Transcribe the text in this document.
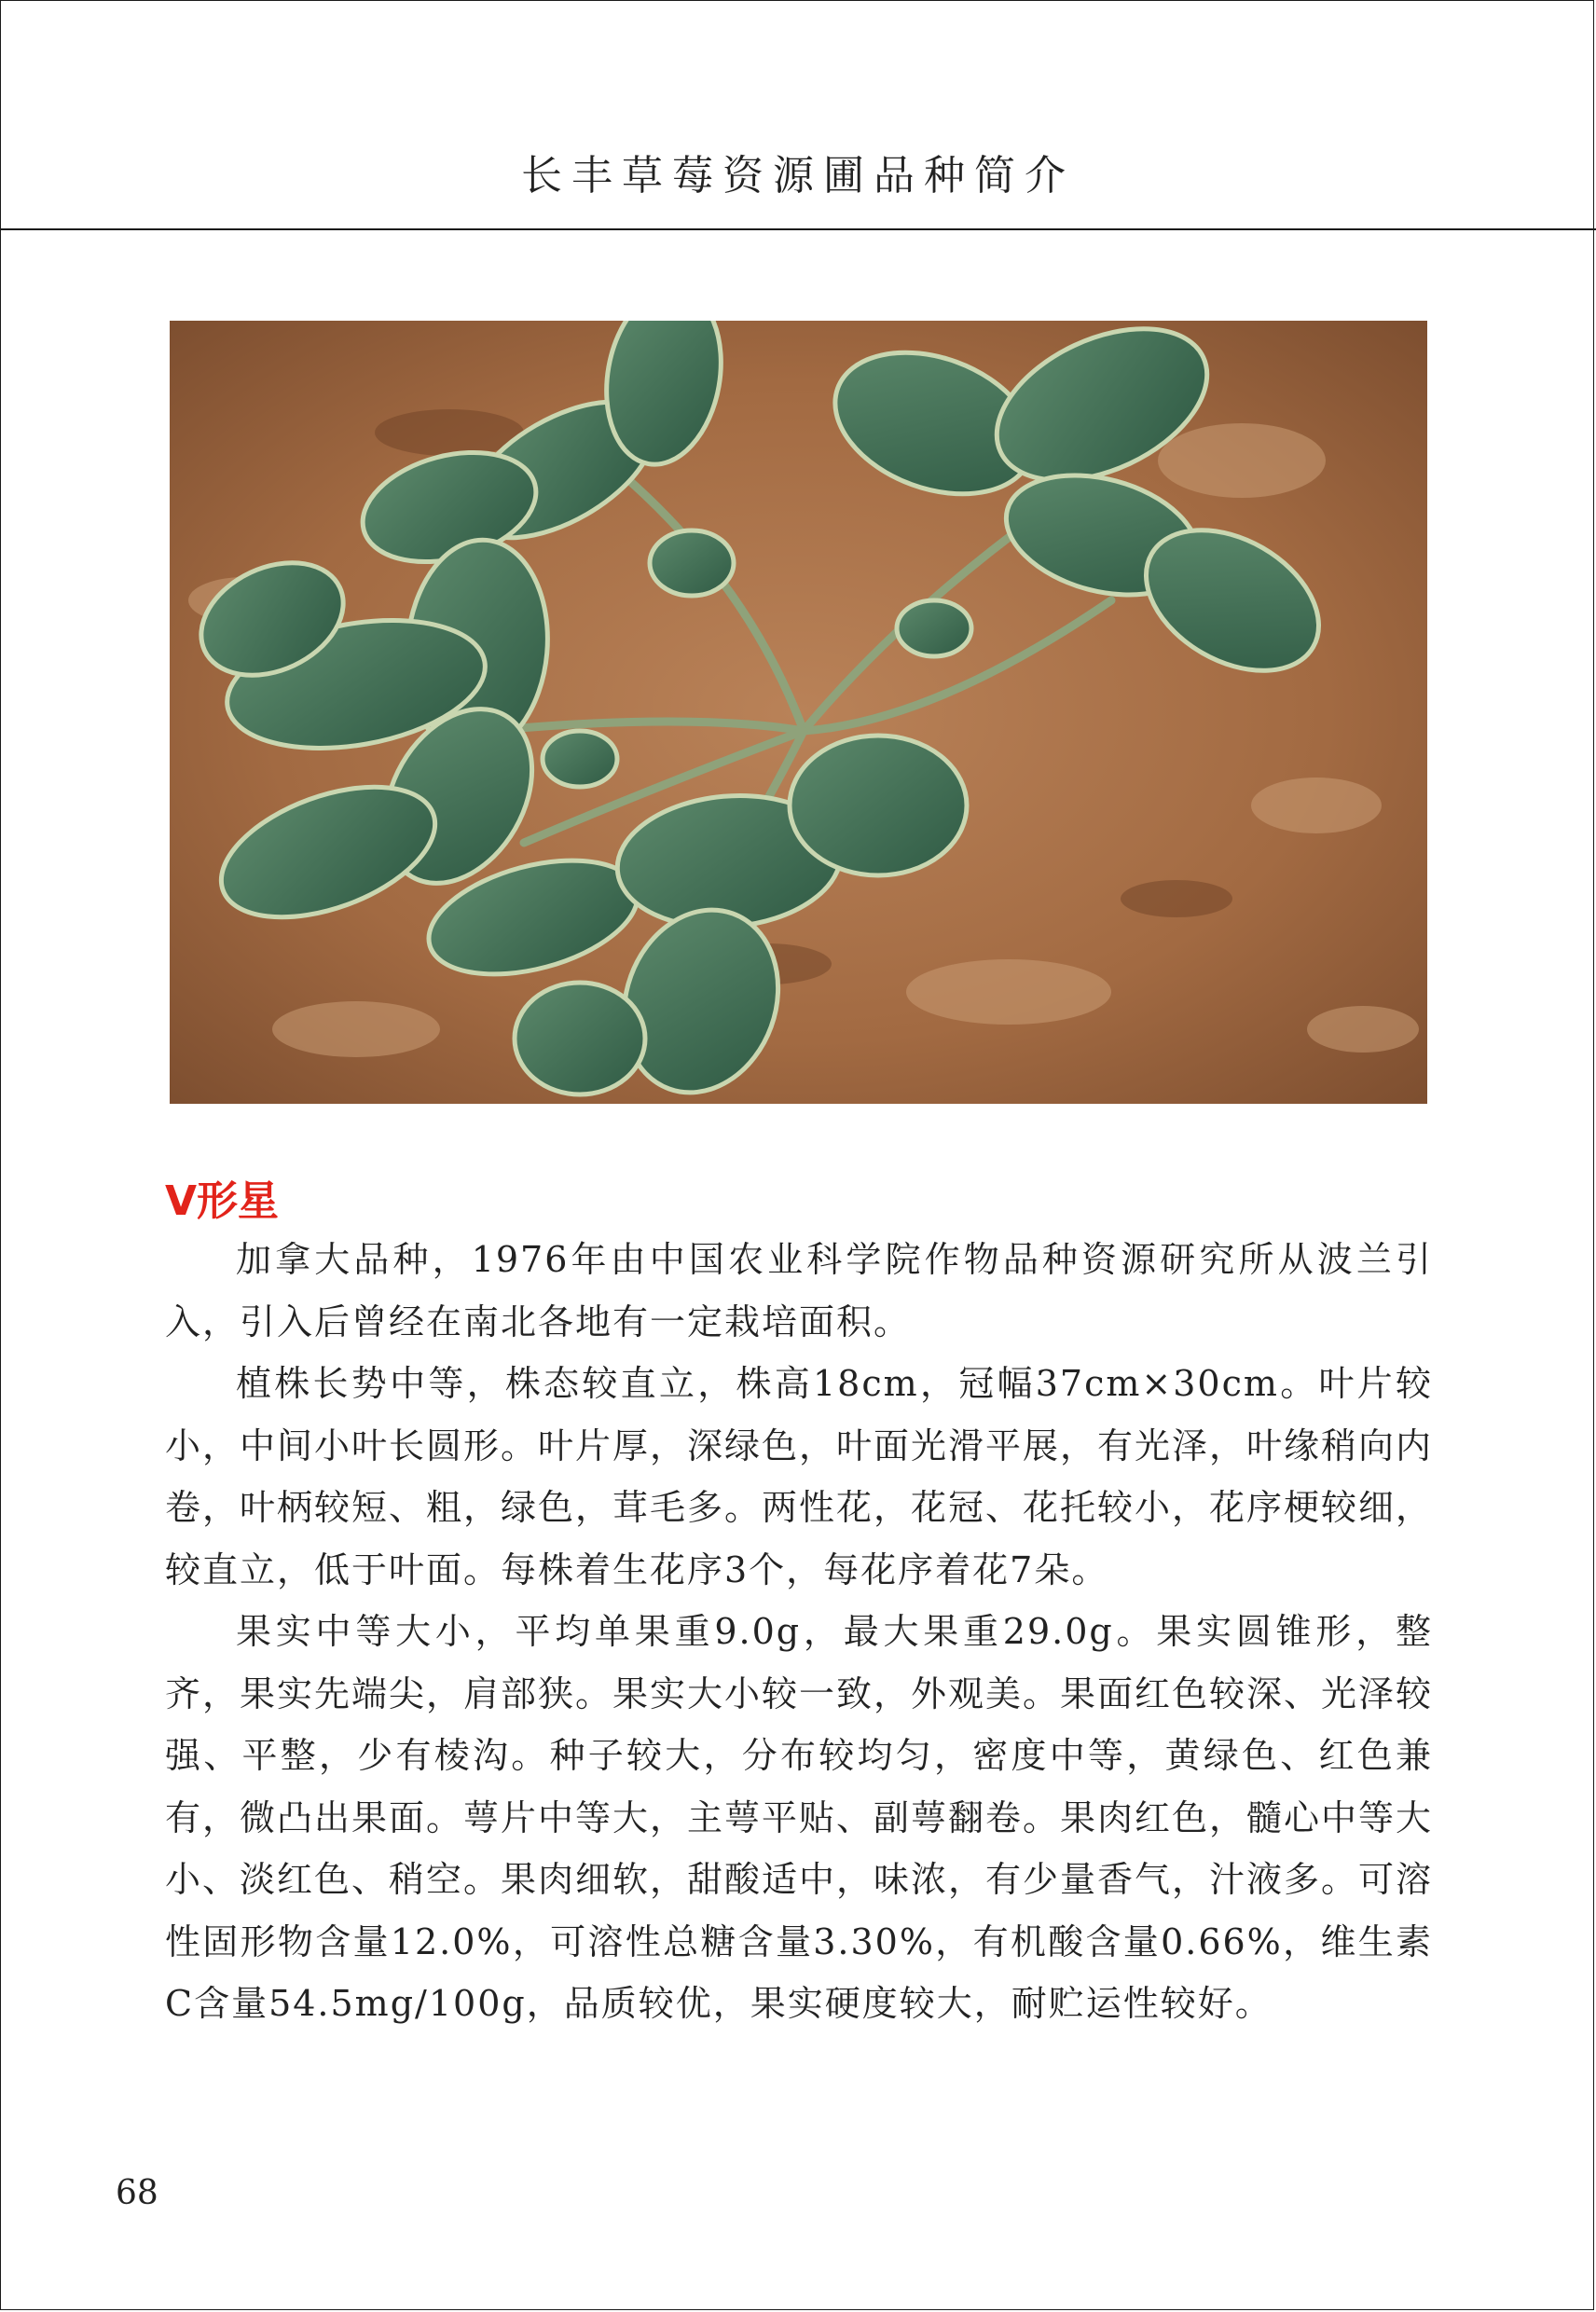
长丰草莓资源圃品种简介
V形星

加拿大品种，1976年由中国农业科学院作物品种资源研究所从波兰引入，引入后曾经在南北各地有一定栽培面积。

植株长势中等，株态较直立，株高18cm，冠幅37cm×30cm。叶片较小，中间小叶长圆形。叶片厚，深绿色，叶面光滑平展，有光泽，叶缘稍向内卷，叶柄较短、粗，绿色，茸毛多。两性花，花冠、花托较小，花序梗较细，较直立，低于叶面。每株着生花序3个，每花序着花7朵。

果实中等大小，平均单果重9.0g，最大果重29.0g。果实圆锥形，整齐，果实先端尖，肩部狭。果实大小较一致，外观美。果面红色较深、光泽较强、平整，少有棱沟。种子较大，分布较均匀，密度中等，黄绿色、红色兼有，微凸出果面。萼片中等大，主萼平贴、副萼翻卷。果肉红色，髓心中等大小、淡红色、稍空。果肉细软，甜酸适中，味浓，有少量香气，汁液多。可溶性固形物含量12.0%，可溶性总糖含量3.30%，有机酸含量0.66%，维生素C含量54.5mg/100g，品质较优，果实硬度较大，耐贮运性较好。

68
